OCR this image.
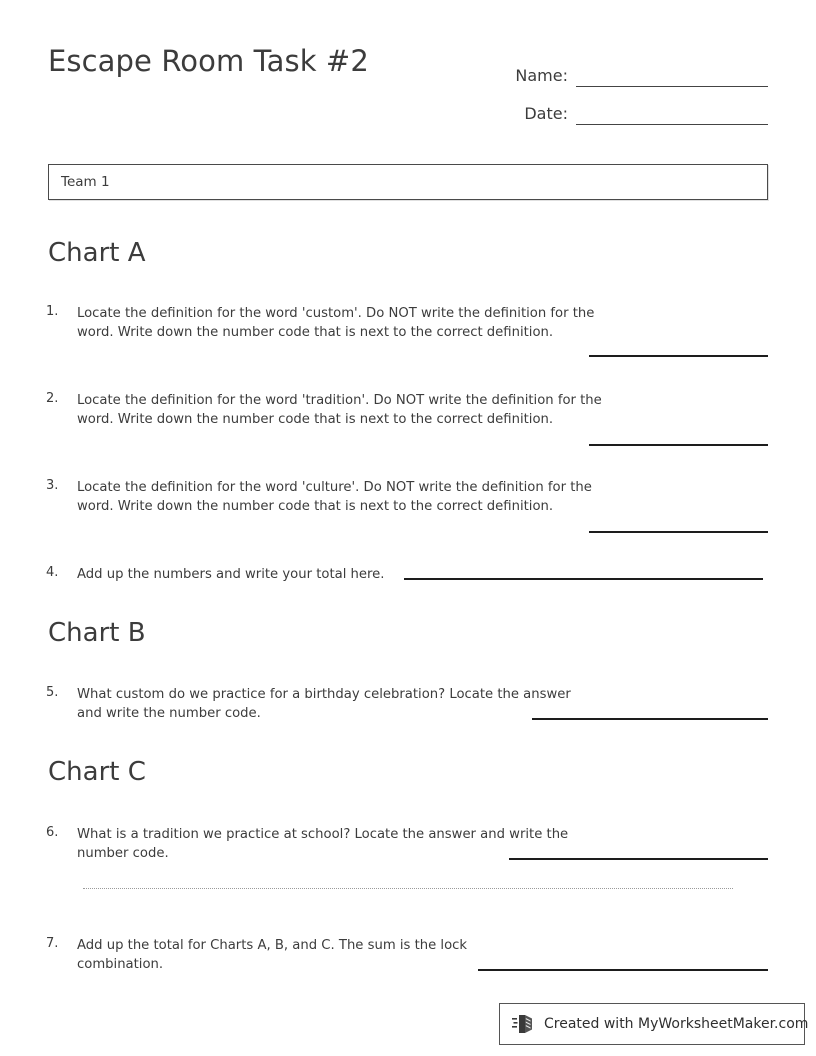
Escape Room Task #2	Name:
Date:
Team 1
Chart A
1.	Locate the definition for the word 'custom'. Do NOT write the definition for the word. Write down the number code that is next to the correct definition.
2.	Locate the definition for the word 'tradition'. Do NOT write the definition for the word. Write down the number code that is next to the correct definition.
3.	Locate the definition for the word 'culture'. Do NOT write the definition for the word. Write down the number code that is next to the correct definition.
4.	Add up the numbers and write your total here.
Chart B
5.	What custom do we practice for a birthday celebration? Locate the answer and write the number code.
Chart C
6.	What is a tradition we practice at school? Locate the answer and write the number code.
7.	Add up the total for Charts A, B, and C. The sum is the lock combination.
Created with MyWorksheetMaker.com
